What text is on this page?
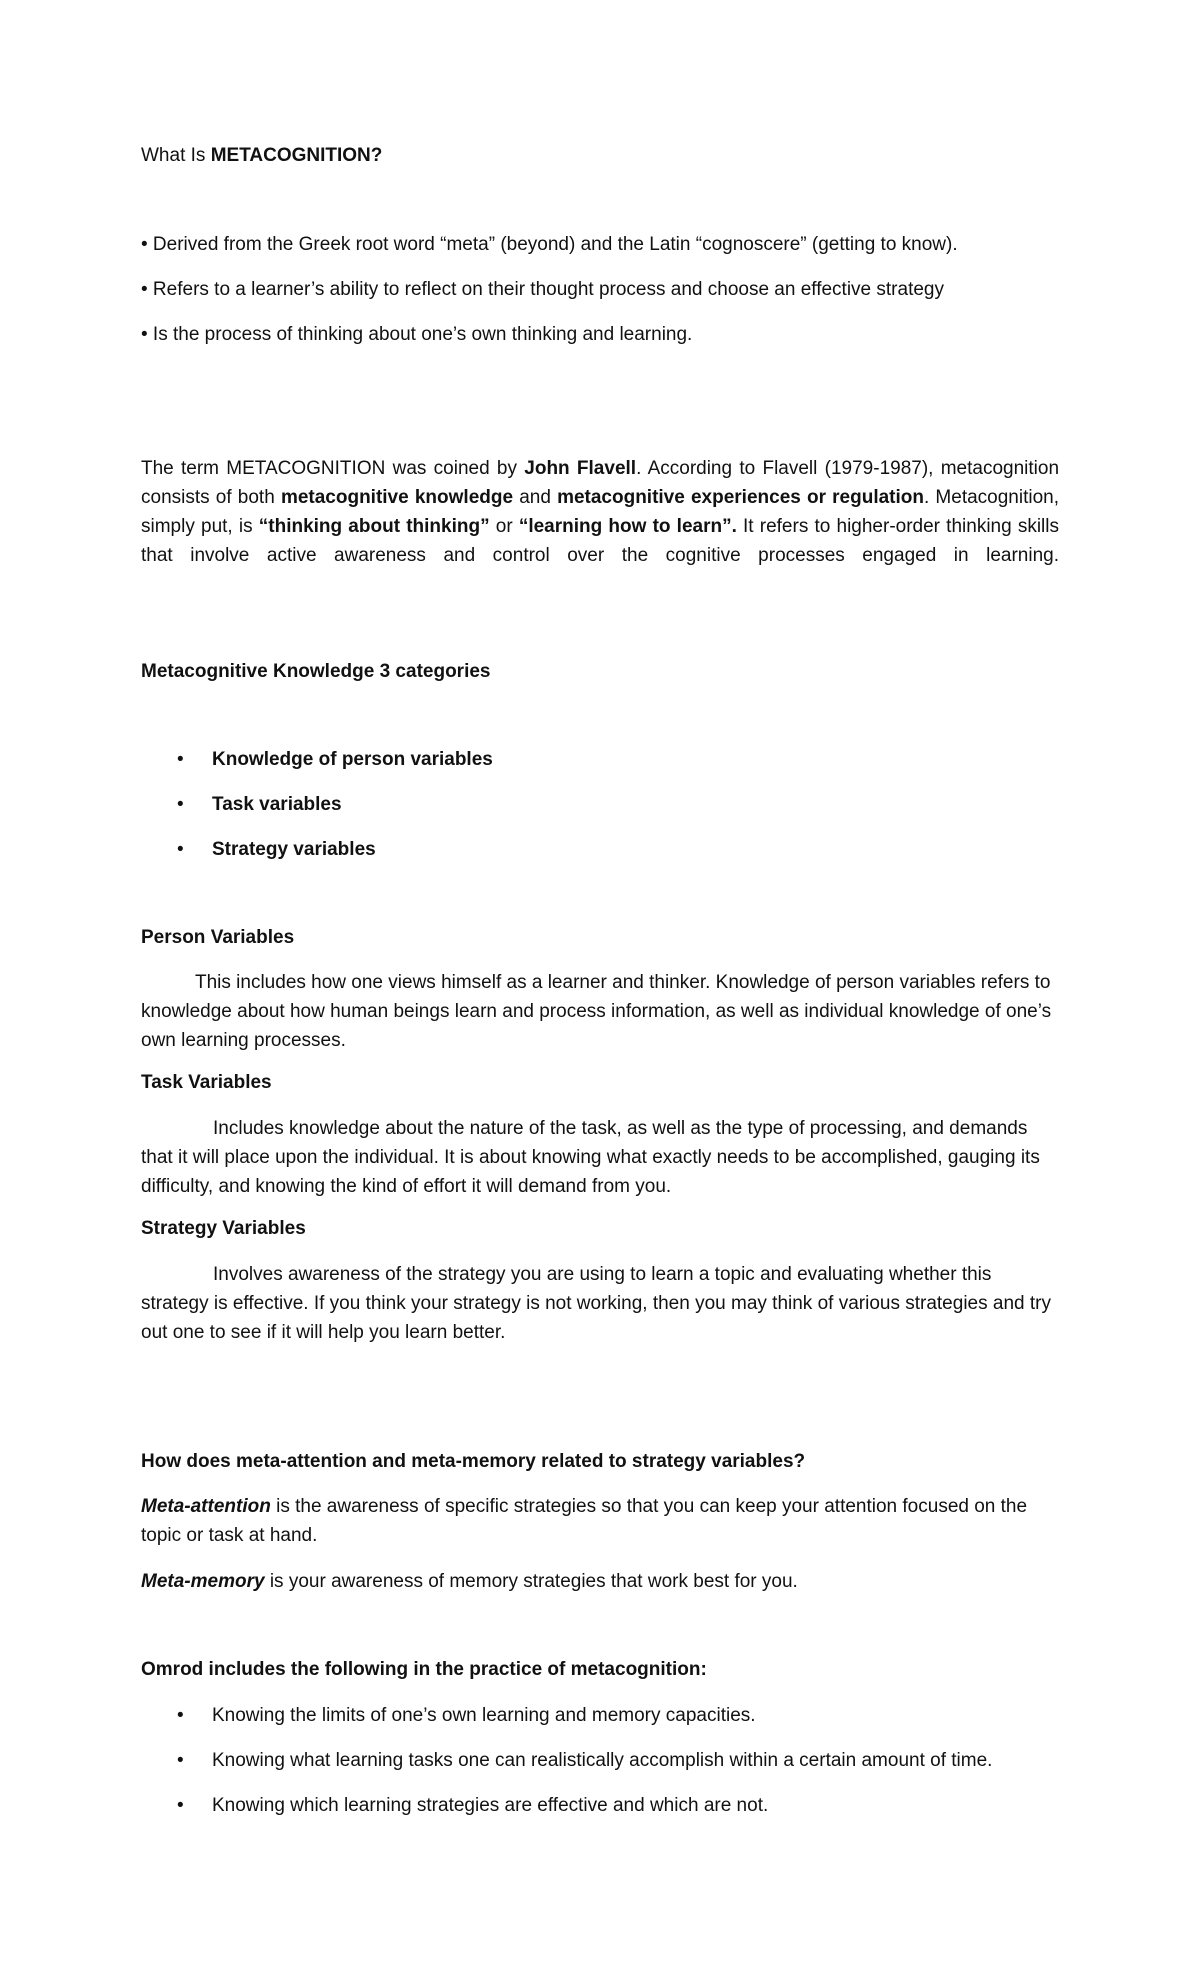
What Is METACOGNITION?
• Derived from the Greek root word “meta” (beyond) and the Latin “cognoscere” (getting to know).
• Refers to a learner’s ability to reflect on their thought process and choose an effective strategy
• Is the process of thinking about one’s own thinking and learning.
The term METACOGNITION was coined by John Flavell. According to Flavell (1979-1987), metacognition consists of both metacognitive knowledge and metacognitive experiences or regulation. Metacognition, simply put, is “thinking about thinking” or “learning how to learn”. It refers to higher-order thinking skills that involve active awareness and control over the cognitive processes engaged in learning.
Metacognitive Knowledge 3 categories
• Knowledge of person variables
• Task variables
• Strategy variables
Person Variables
This includes how one views himself as a learner and thinker. Knowledge of person variables refers to knowledge about how human beings learn and process information, as well as individual knowledge of one’s own learning processes.
Task Variables
Includes knowledge about the nature of the task, as well as the type of processing, and demands that it will place upon the individual. It is about knowing what exactly needs to be accomplished, gauging its difficulty, and knowing the kind of effort it will demand from you.
Strategy Variables
Involves awareness of the strategy you are using to learn a topic and evaluating whether this strategy is effective. If you think your strategy is not working, then you may think of various strategies and try out one to see if it will help you learn better.
How does meta-attention and meta-memory related to strategy variables?
Meta-attention is the awareness of specific strategies so that you can keep your attention focused on the topic or task at hand.
Meta-memory is your awareness of memory strategies that work best for you.
Omrod includes the following in the practice of metacognition:
• Knowing the limits of one’s own learning and memory capacities.
• Knowing what learning tasks one can realistically accomplish within a certain amount of time.
• Knowing which learning strategies are effective and which are not.
